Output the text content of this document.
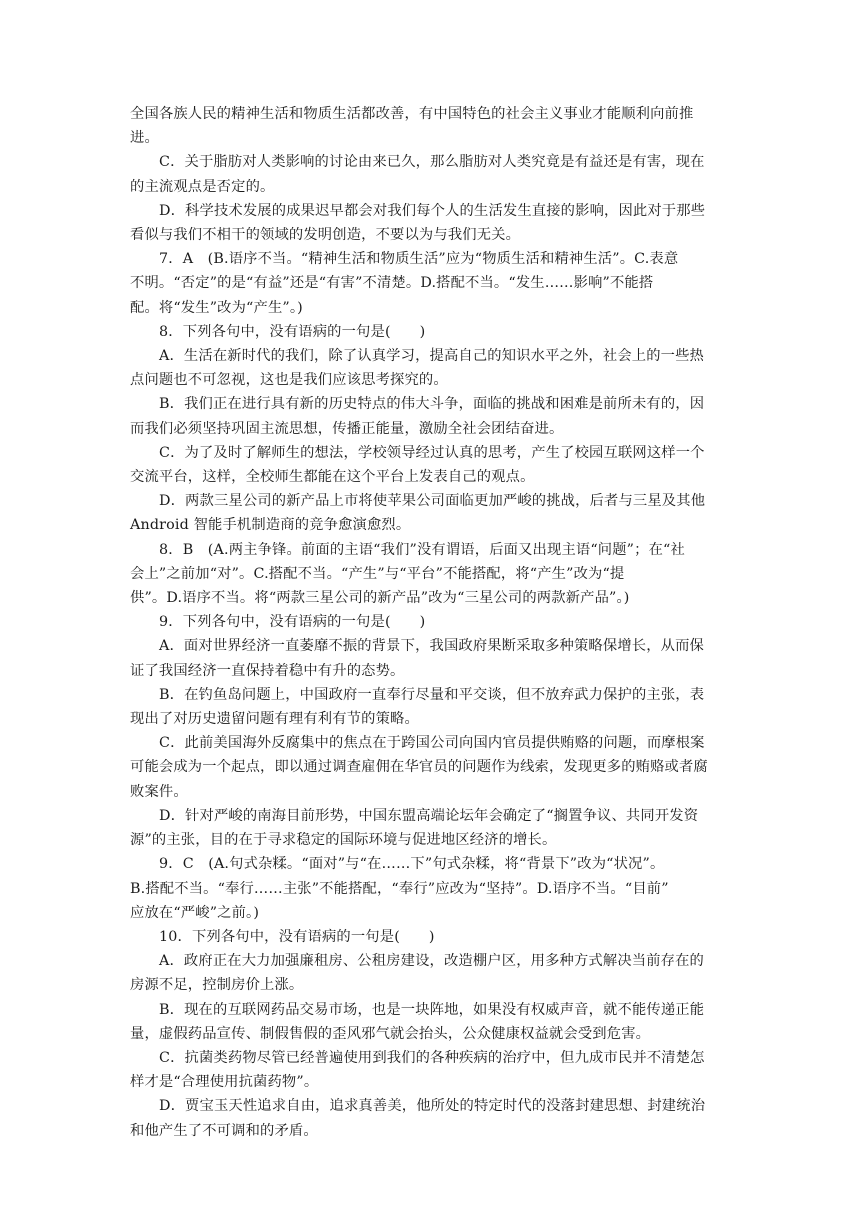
全国各族人民的精神生活和物质生活都改善，有中国特色的社会主义事业才能顺利向前推
进。
C．关于脂肪对人类影响的讨论由来已久，那么脂肪对人类究竟是有益还是有害，现在
的主流观点是否定的。
D．科学技术发展的成果迟早都会对我们每个人的生活发生直接的影响，因此对于那些
看似与我们不相干的领域的发明创造，不要以为与我们无关。
7．A　(B.语序不当。“精神生活和物质生活”应为“物质生活和精神生活”。C.表意
不明。“否定”的是“有益”还是“有害”不清楚。D.搭配不当。“发生……影响”不能搭
配。将“发生”改为“产生”。)
8．下列各句中，没有语病的一句是(　　)
A．生活在新时代的我们，除了认真学习，提高自己的知识水平之外，社会上的一些热
点问题也不可忽视，这也是我们应该思考探究的。
B．我们正在进行具有新的历史特点的伟大斗争，面临的挑战和困难是前所未有的，因
而我们必须坚持巩固主流思想，传播正能量，激励全社会团结奋进。
C．为了及时了解师生的想法，学校领导经过认真的思考，产生了校园互联网这样一个
交流平台，这样，全校师生都能在这个平台上发表自己的观点。
D．两款三星公司的新产品上市将使苹果公司面临更加严峻的挑战，后者与三星及其他
Android 智能手机制造商的竞争愈演愈烈。
8．B　(A.两主争锋。前面的主语“我们”没有谓语，后面又出现主语“问题”；在“社
会上”之前加“对”。C.搭配不当。“产生”与“平台”不能搭配，将“产生”改为“提
供”。D.语序不当。将“两款三星公司的新产品”改为“三星公司的两款新产品”。)
9．下列各句中，没有语病的一句是(　　)
A．面对世界经济一直萎靡不振的背景下，我国政府果断采取多种策略保增长，从而保
证了我国经济一直保持着稳中有升的态势。
B．在钓鱼岛问题上，中国政府一直奉行尽量和平交谈，但不放弃武力保护的主张，表
现出了对历史遗留问题有理有利有节的策略。
C．此前美国海外反腐集中的焦点在于跨国公司向国内官员提供贿赂的问题，而摩根案
可能会成为一个起点，即以通过调查雇佣在华官员的问题作为线索，发现更多的贿赂或者腐
败案件。
D．针对严峻的南海目前形势，中国东盟高端论坛年会确定了“搁置争议、共同开发资
源”的主张，目的在于寻求稳定的国际环境与促进地区经济的增长。
9．C　(A.句式杂糅。“面对”与“在……下”句式杂糅，将“背景下”改为“状况”。
B.搭配不当。“奉行……主张”不能搭配，“奉行”应改为“坚持”。D.语序不当。“目前”
应放在“严峻”之前。)
10．下列各句中，没有语病的一句是(　　)
A．政府正在大力加强廉租房、公租房建设，改造棚户区，用多种方式解决当前存在的
房源不足，控制房价上涨。
B．现在的互联网药品交易市场，也是一块阵地，如果没有权威声音，就不能传递正能
量，虚假药品宣传、制假售假的歪风邪气就会抬头，公众健康权益就会受到危害。
C．抗菌类药物尽管已经普遍使用到我们的各种疾病的治疗中，但九成市民并不清楚怎
样才是“合理使用抗菌药物”。
D．贾宝玉天性追求自由，追求真善美，他所处的特定时代的没落封建思想、封建统治
和他产生了不可调和的矛盾。
